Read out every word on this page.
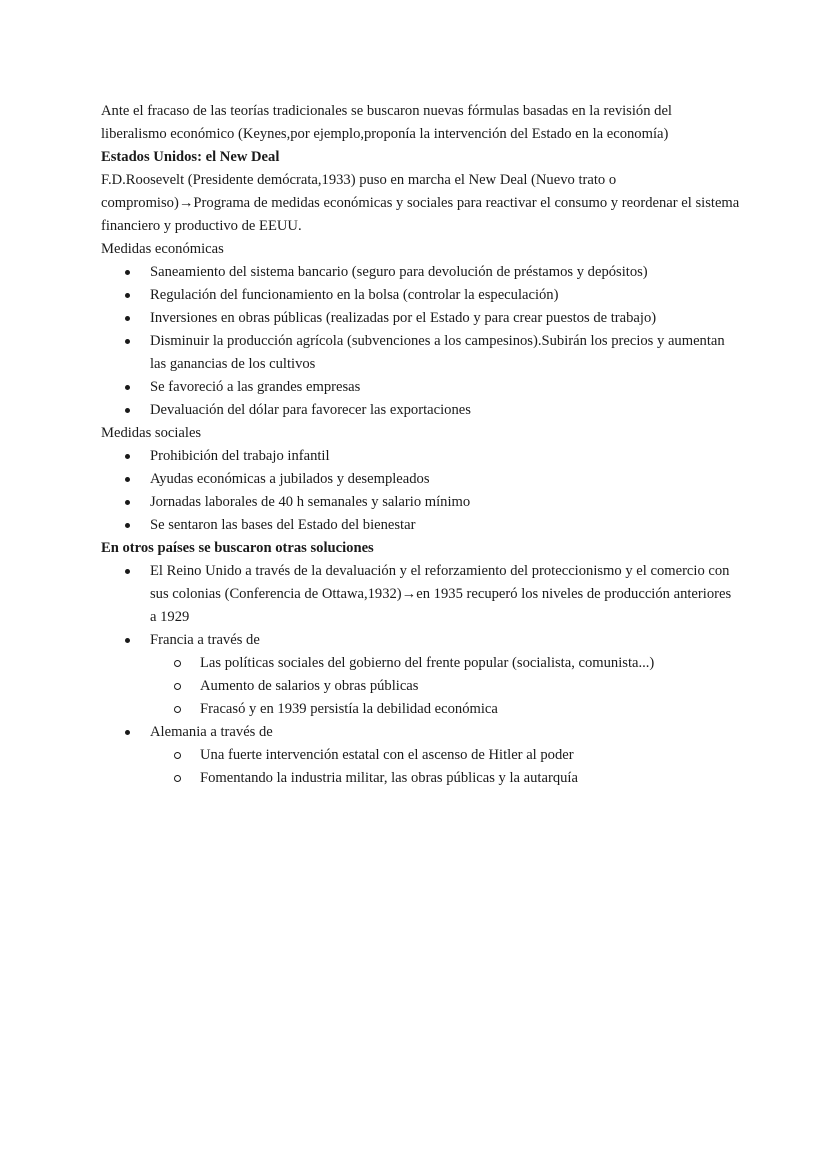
Ante el fracaso de las teorías tradicionales se buscaron nuevas fórmulas basadas en la revisión del liberalismo económico (Keynes,por ejemplo,proponía la intervención del Estado en la economía)

Estados Unidos: el New Deal

F.D.Roosevelt (Presidente demócrata,1933) puso en marcha el New Deal (Nuevo trato o compromiso)→Programa de medidas económicas y sociales para reactivar el consumo y reordenar el sistema financiero y productivo de EEUU.

Medidas económicas

Saneamiento del sistema bancario (seguro para devolución de préstamos y depósitos)
Regulación del funcionamiento en la bolsa (controlar la especulación)
Inversiones en obras públicas (realizadas por el Estado y para crear puestos de trabajo)
Disminuir la producción agrícola (subvenciones a los campesinos).Subirán los precios y aumentan las ganancias de los cultivos
Se favoreció a las grandes empresas
Devaluación del dólar para favorecer las exportaciones

Medidas sociales

Prohibición del trabajo infantil
Ayudas económicas a jubilados y desempleados
Jornadas laborales de 40 h semanales y salario mínimo
Se sentaron las bases del Estado del bienestar

En otros países se buscaron otras soluciones

El Reino Unido a través de la devaluación y el reforzamiento del proteccionismo y el comercio con sus colonias (Conferencia de Ottawa,1932)→en 1935 recuperó los niveles de producción anteriores a 1929
Francia a través de
Las políticas sociales del gobierno del frente popular (socialista, comunista...)
Aumento de salarios y obras públicas
Fracasó y en 1939 persistía la debilidad económica
Alemania a través de
Una fuerte intervención estatal con el ascenso de Hitler al poder
Fomentando la industria militar, las obras públicas y la autarquía
